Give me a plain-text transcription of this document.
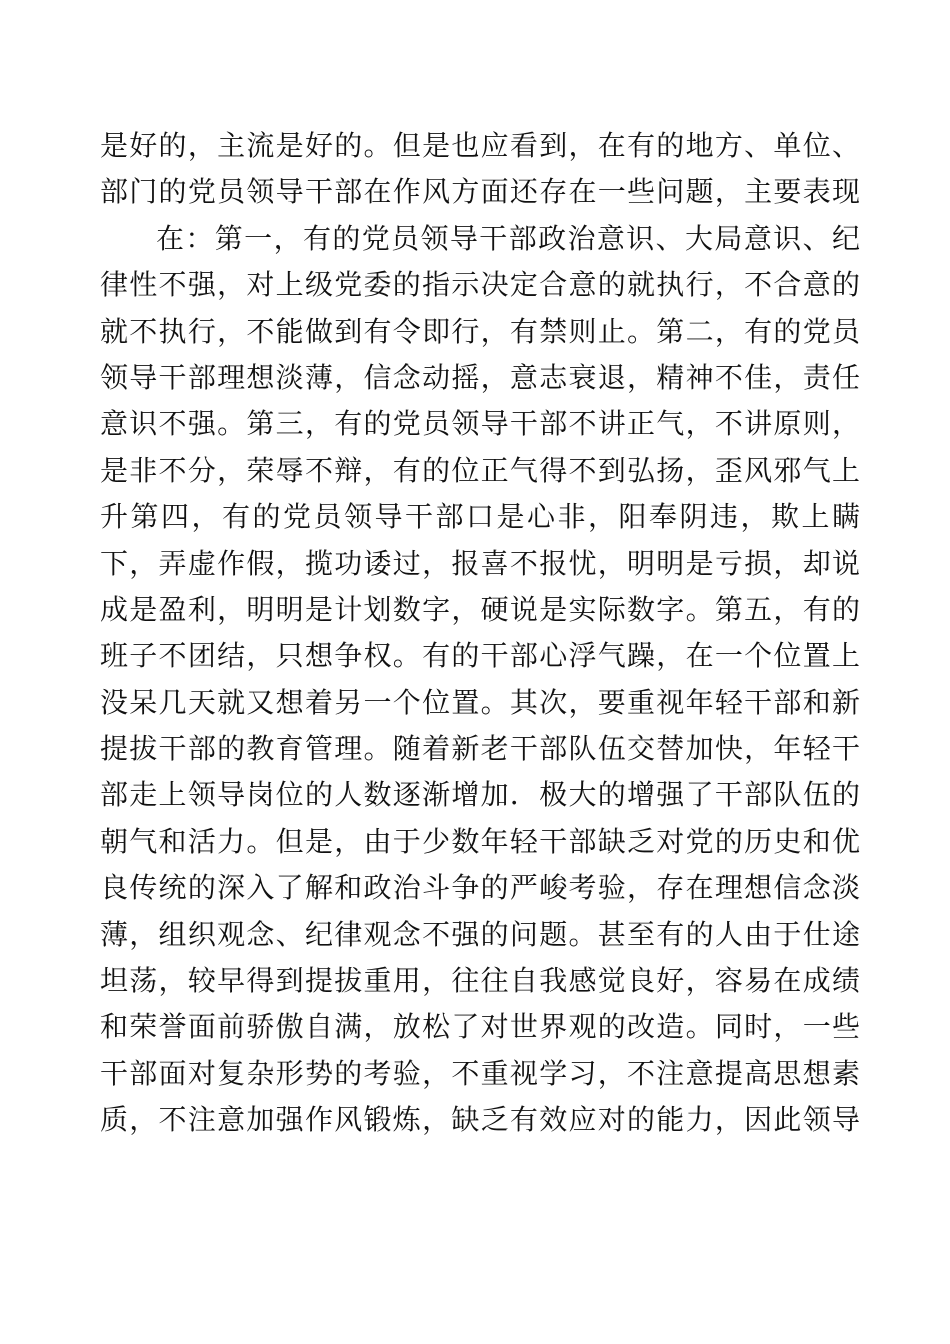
是好的，主流是好的。但是也应看到，在有的地方、单位、
部门的党员领导干部在作风方面还存在一些问题，主要表现
在：第一，有的党员领导干部政治意识、大局意识、纪
律性不强，对上级党委的指示决定合意的就执行，不合意的
就不执行，不能做到有令即行，有禁则止。第二，有的党员
领导干部理想淡薄，信念动摇，意志衰退，精神不佳，责任
意识不强。第三，有的党员领导干部不讲正气，不讲原则，
是非不分，荣辱不辩，有的位正气得不到弘扬，歪风邪气上
升第四，有的党员领导干部口是心非，阳奉阴违，欺上瞒
下，弄虚作假，揽功诿过，报喜不报忧，明明是亏损，却说
成是盈利，明明是计划数字，硬说是实际数字。第五，有的
班子不团结，只想争权。有的干部心浮气躁，在一个位置上
没呆几天就又想着另一个位置。其次，要重视年轻干部和新
提拔干部的教育管理。随着新老干部队伍交替加快，年轻干
部走上领导岗位的人数逐渐增加．极大的增强了干部队伍的
朝气和活力。但是，由于少数年轻干部缺乏对党的历史和优
良传统的深入了解和政治斗争的严峻考验，存在理想信念淡
薄，组织观念、纪律观念不强的问题。甚至有的人由于仕途
坦荡，较早得到提拔重用，往往自我感觉良好，容易在成绩
和荣誉面前骄傲自满，放松了对世界观的改造。同时，一些
干部面对复杂形势的考验，不重视学习，不注意提高思想素
质，不注意加强作风锻炼，缺乏有效应对的能力，因此领导
